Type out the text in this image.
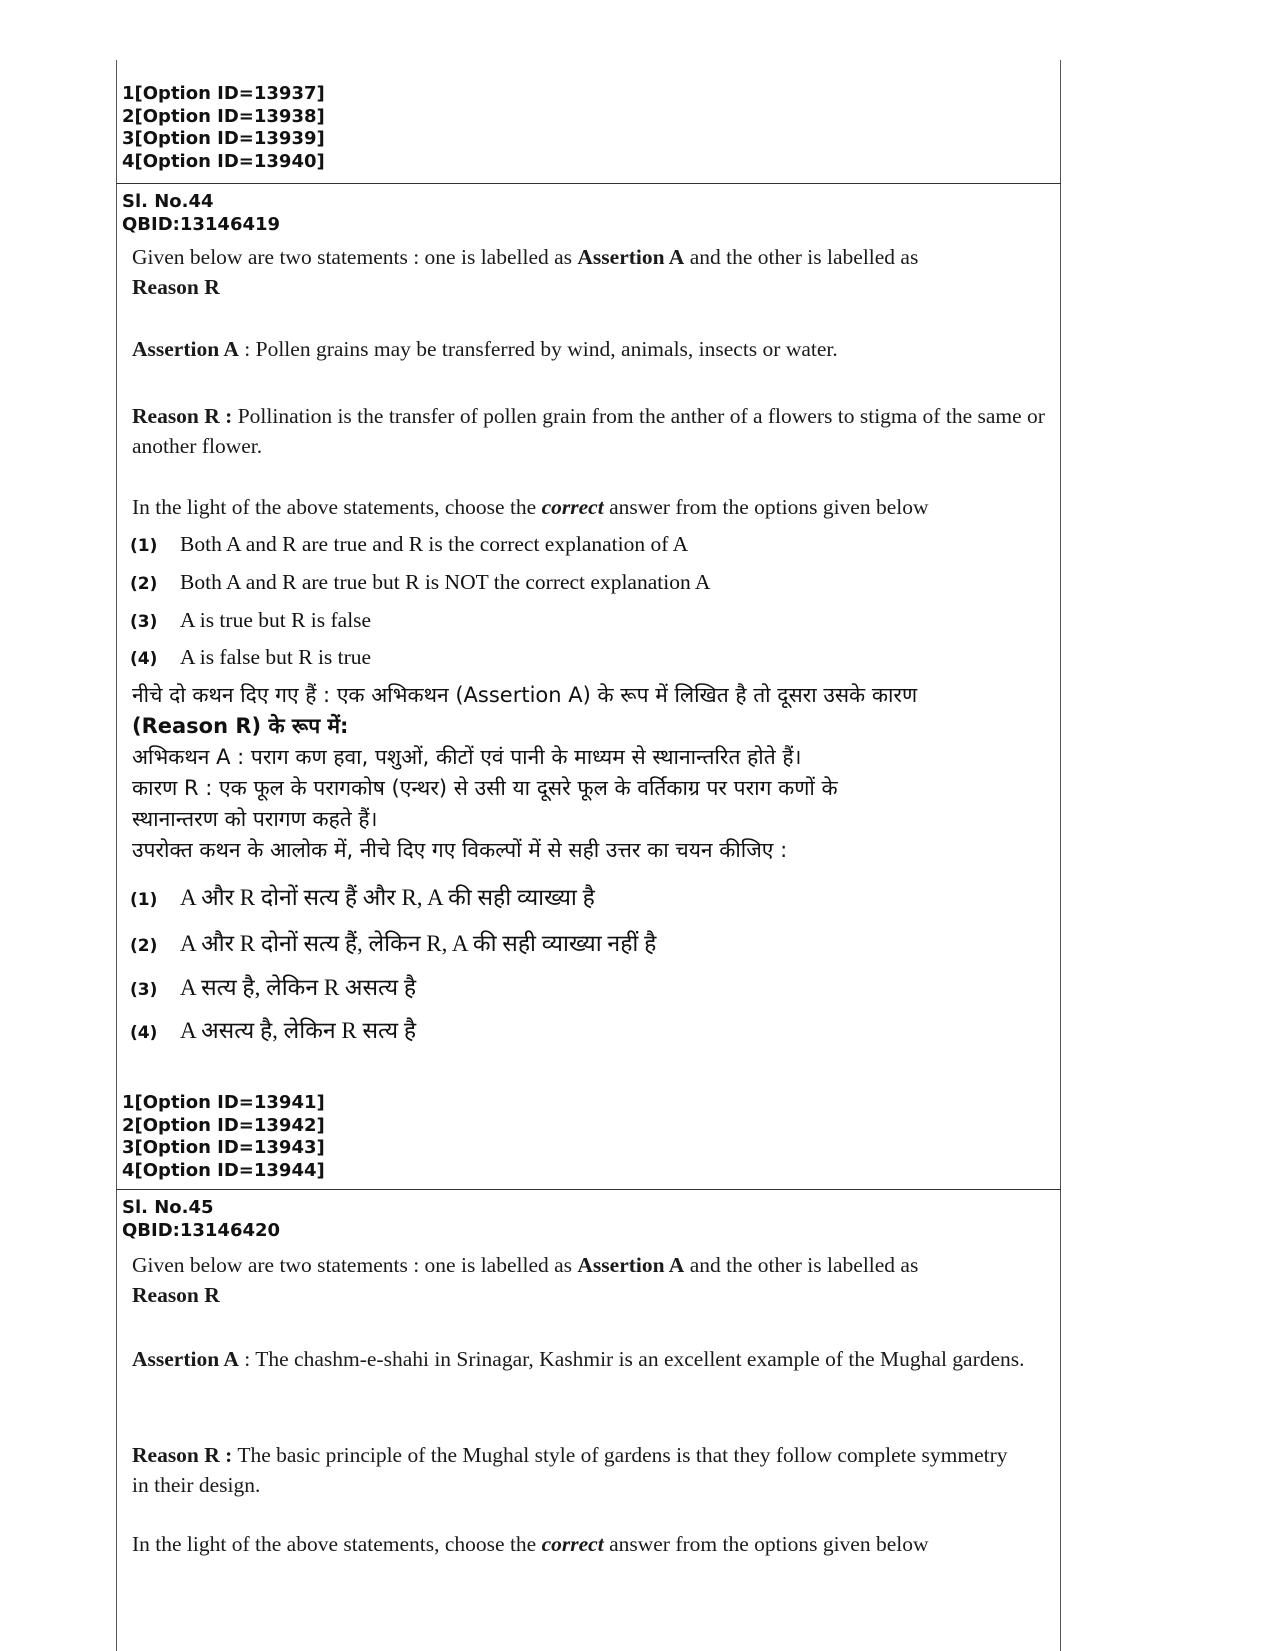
1[Option ID=13937]
2[Option ID=13938]
3[Option ID=13939]
4[Option ID=13940]
Sl. No.44
QBID:13146419
Given below are two statements : one is labelled as Assertion A and the other is labelled as
Reason R
Assertion A : Pollen grains may be transferred by wind, animals, insects or water.
Reason R : Pollination is the transfer of pollen grain from the anther of a flowers to stigma of the same or another flower.
In the light of the above statements, choose the correct answer from the options given below
(1)	Both A and R are true and R is the correct explanation of A
(2)	Both A and R are true but R is NOT the correct explanation A
(3)	A is true but R is false
(4)	A is false but R is true
नीचे दो कथन दिए गए हैं : एक अभिकथन (Assertion A) के रूप में लिखित है तो दूसरा उसके कारण
(Reason R) के रूप में:
अभिकथन A : पराग कण हवा, पशुओं, कीटों एवं पानी के माध्यम से स्थानान्तरित होते हैं।
कारण R : एक फूल के परागकोष (एन्थर) से उसी या दूसरे फूल के वर्तिकाग्र पर पराग कणों के
स्थानान्तरण को परागण कहते हैं।
उपरोक्त कथन के आलोक में, नीचे दिए गए विकल्पों में से सही उत्तर का चयन कीजिए :
(1) A और R दोनों सत्य हैं और R, A की सही व्याख्या है
(2) A और R दोनों सत्य हैं, लेकिन R, A की सही व्याख्या नहीं है
(3) A सत्य है, लेकिन R असत्य है
(4) A असत्य है, लेकिन R सत्य है
1[Option ID=13941]
2[Option ID=13942]
3[Option ID=13943]
4[Option ID=13944]
Sl. No.45
QBID:13146420
Given below are two statements : one is labelled as Assertion A and the other is labelled as
Reason R
Assertion A : The chashm-e-shahi in Srinagar, Kashmir is an excellent example of the Mughal gardens.
Reason R : The basic principle of the Mughal style of gardens is that they follow complete symmetry in their design.
In the light of the above statements, choose the correct answer from the options given below
